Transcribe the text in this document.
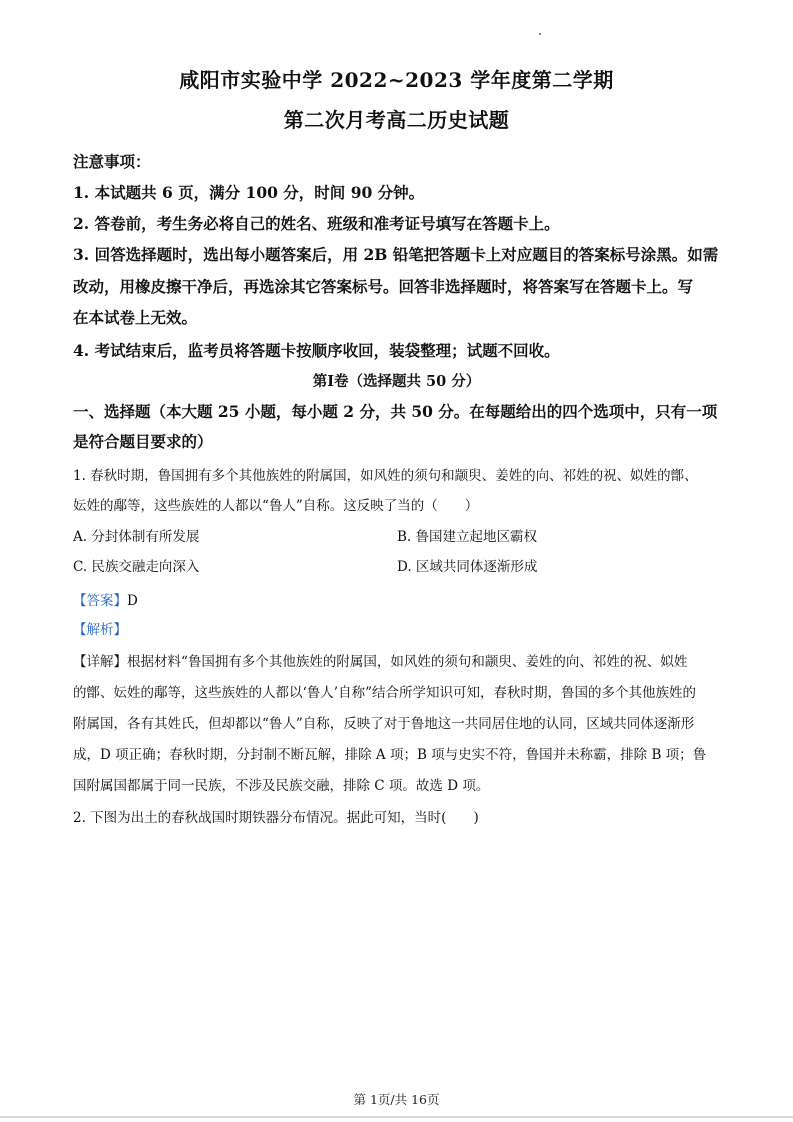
咸阳市实验中学 2022~2023 学年度第二学期
第二次月考高二历史试题
注意事项：
1. 本试题共 6 页，满分 100 分，时间 90 分钟。
2. 答卷前，考生务必将自己的姓名、班级和准考证号填写在答题卡上。
3. 回答选择题时，选出每小题答案后，用 2B 铅笔把答题卡上对应题目的答案标号涂黑。如需
改动，用橡皮擦干净后，再选涂其它答案标号。回答非选择题时，将答案写在答题卡上。写
在本试卷上无效。
4. 考试结束后，监考员将答题卡按顺序收回，装袋整理；试题不回收。
第Ⅰ卷（选择题共 50 分）
一、选择题（本大题 25 小题，每小题 2 分，共 50 分。在每题给出的四个选项中，只有一项
是符合题目要求的）
1. 春秋时期，鲁国拥有多个其他族姓的附属国，如风姓的须句和颛臾、姜姓的向、祁姓的祝、姒姓的鄫、
妘姓的鄅等，这些族姓的人都以“鲁人”自称。这反映了当的（　　）
A. 分封体制有所发展	B. 鲁国建立起地区霸权
C. 民族交融走向深入	D. 区域共同体逐渐形成
【答案】D
【解析】
【详解】根据材料“鲁国拥有多个其他族姓的附属国，如风姓的须句和颛臾、姜姓的向、祁姓的祝、姒姓
的鄫、妘姓的鄅等，这些族姓的人都以‘鲁人’自称”结合所学知识可知，春秋时期，鲁国的多个其他族姓的
附属国，各有其姓氏，但却都以“鲁人”自称，反映了对于鲁地这一共同居住地的认同，区域共同体逐渐形
成，D 项正确；春秋时期，分封制不断瓦解，排除 A 项；B 项与史实不符，鲁国并未称霸，排除 B 项；鲁
国附属国都属于同一民族，不涉及民族交融，排除 C 项。故选 D 项。
2. 下图为出土的春秋战国时期铁器分布情况。据此可知，当时(　　)
第 1页/共 16页
